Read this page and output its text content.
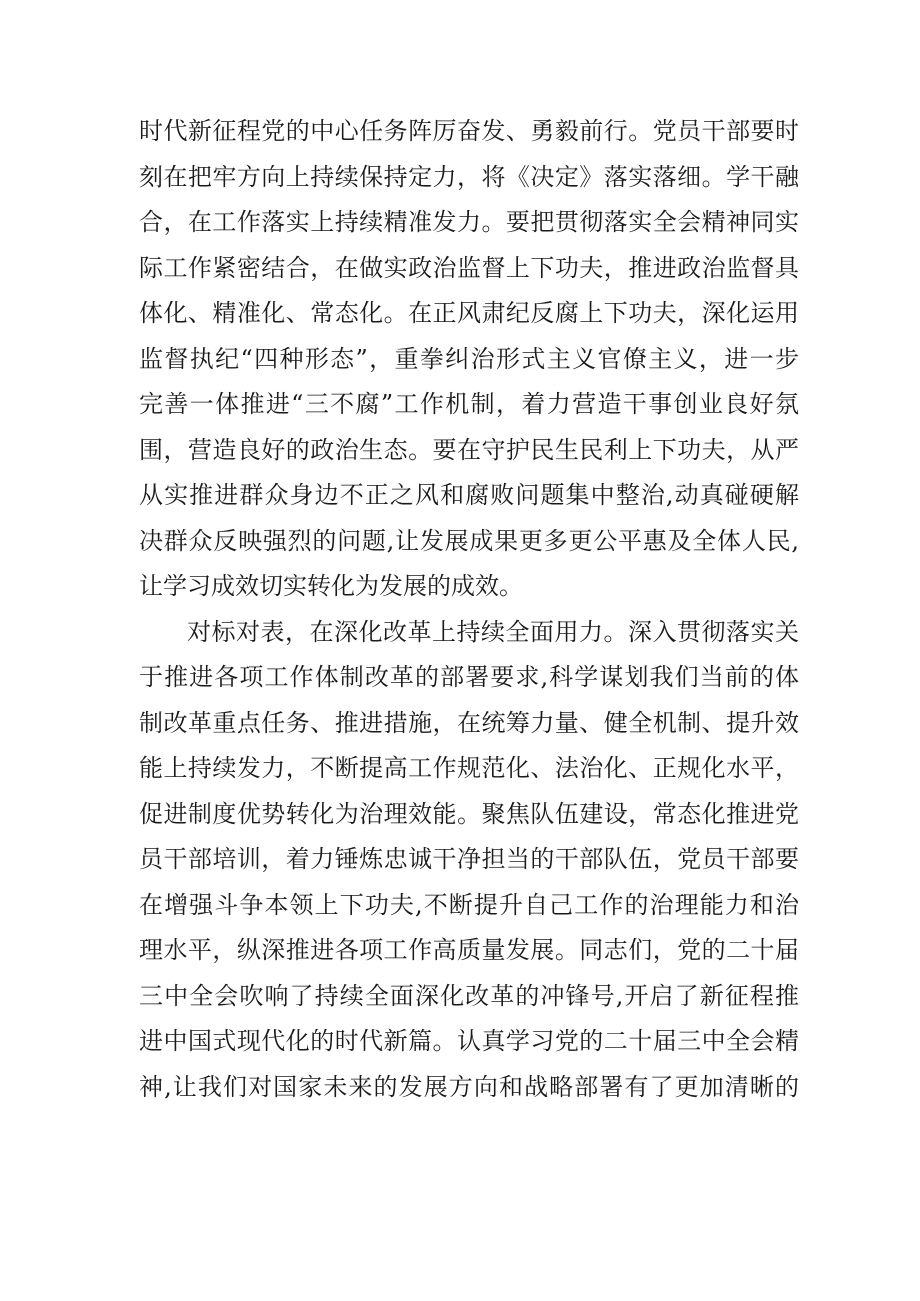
时代新征程党的中心任务阵厉奋发、勇毅前行。党员干部要时
刻在把牢方向上持续保持定力，将《决定》落实落细。学干融
合，在工作落实上持续精准发力。要把贯彻落实全会精神同实
际工作紧密结合，在做实政治监督上下功夫，推进政治监督具
体化、精准化、常态化。在正风肃纪反腐上下功夫，深化运用
监督执纪“四种形态”，重拳纠治形式主义官僚主义，进一步
完善一体推进“三不腐”工作机制，着力营造干事创业良好氛
围，营造良好的政治生态。要在守护民生民利上下功夫，从严
从实推进群众身边不正之风和腐败问题集中整治,动真碰硬解
决群众反映强烈的问题,让发展成果更多更公平惠及全体人民,
让学习成效切实转化为发展的成效。
对标对表，在深化改革上持续全面用力。深入贯彻落实关
于推进各项工作体制改革的部署要求,科学谋划我们当前的体
制改革重点任务、推进措施，在统筹力量、健全机制、提升效
能上持续发力，不断提高工作规范化、法治化、正规化水平，
促进制度优势转化为治理效能。聚焦队伍建设，常态化推进党
员干部培训，着力锤炼忠诚干净担当的干部队伍，党员干部要
在增强斗争本领上下功夫,不断提升自己工作的治理能力和治
理水平，纵深推进各项工作高质量发展。同志们，党的二十届
三中全会吹响了持续全面深化改革的冲锋号,开启了新征程推
进中国式现代化的时代新篇。认真学习党的二十届三中全会精
神,让我们对国家未来的发展方向和战略部署有了更加清晰的
